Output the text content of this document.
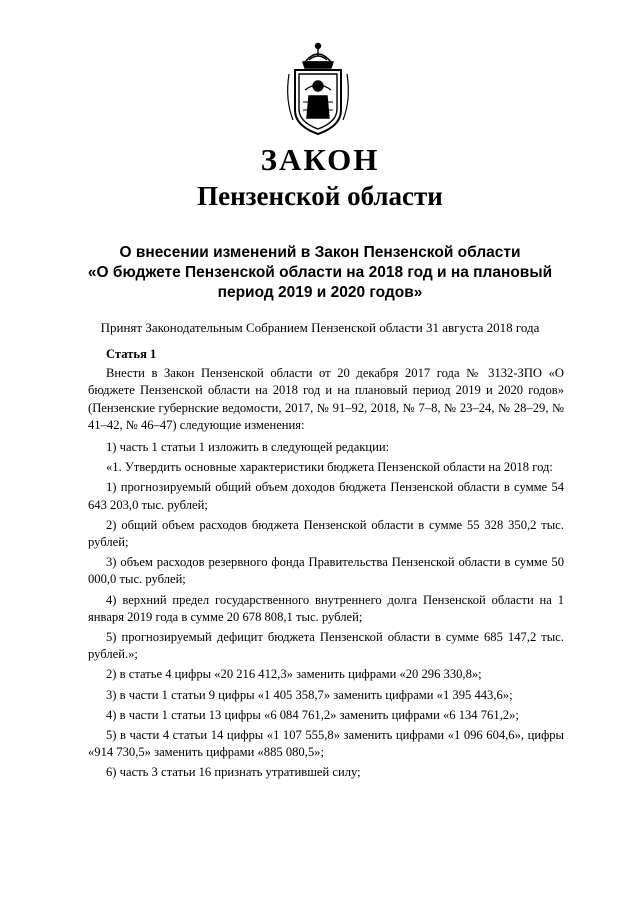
ЗАКОН
Пензенской области
О внесении изменений в Закон Пензенской области
«О бюджете Пензенской области на 2018 год и на плановый
период 2019 и 2020 годов»
Принят Законодательным Собранием Пензенской области 31 августа 2018 года
Статья 1

Внести в Закон Пензенской области от 20 декабря 2017 года № 3132-ЗПО «О бюджете Пензенской области на 2018 год и на плановый период 2019 и 2020 годов» (Пензенские губернские ведомости, 2017, № 91–92, 2018, № 7–8, № 23–24, № 28–29, № 41–42, № 46–47) следующие изменения:

1) часть 1 статьи 1 изложить в следующей редакции:

«1. Утвердить основные характеристики бюджета Пензенской области на 2018 год:

1) прогнозируемый общий объем доходов бюджета Пензенской области в сумме 54 643 203,0 тыс. рублей;

2) общий объем расходов бюджета Пензенской области в сумме 55 328 350,2 тыс. рублей;

3) объем расходов резервного фонда Правительства Пензенской области в сумме 50 000,0 тыс. рублей;

4) верхний предел государственного внутреннего долга Пензенской области на 1 января 2019 года в сумме 20 678 808,1 тыс. рублей;

5) прогнозируемый дефицит бюджета Пензенской области в сумме 685 147,2 тыс. рублей.»;

2) в статье 4 цифры «20 216 412,3» заменить цифрами «20 296 330,8»;

3) в части 1 статьи 9 цифры «1 405 358,7» заменить цифрами «1 395 443,6»;

4) в части 1 статьи 13 цифры «6 084 761,2» заменить цифрами «6 134 761,2»;

5) в части 4 статьи 14 цифры «1 107 555,8» заменить цифрами «1 096 604,6», цифры «914 730,5» заменить цифрами «885 080,5»;

6) часть 3 статьи 16 признать утратившей силу;
